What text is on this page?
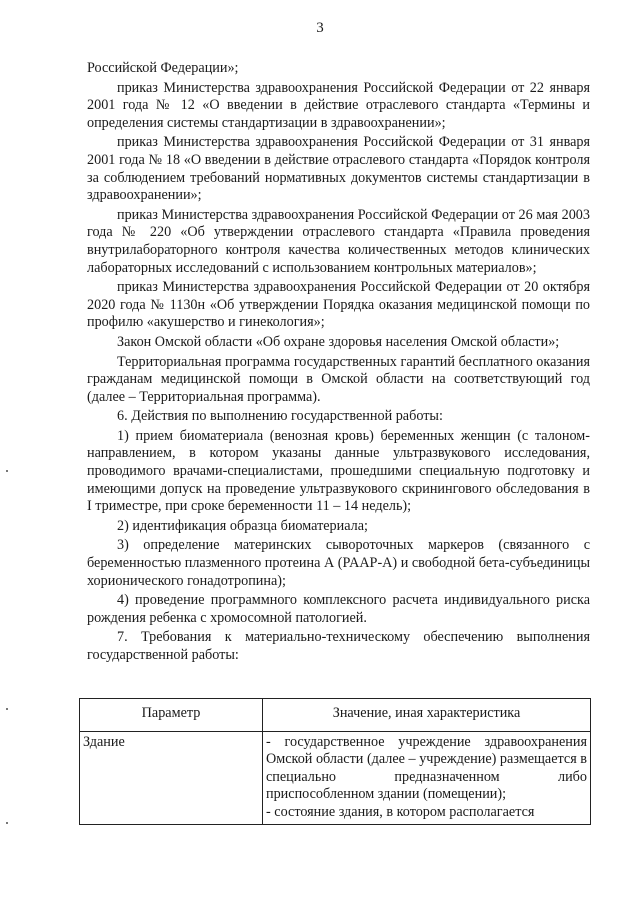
3

Российской Федерации»;

приказ Министерства здравоохранения Российской Федерации от 22 января 2001 года № 12 «О введении в действие отраслевого стандарта «Термины и определения системы стандартизации в здравоохранении»;

приказ Министерства здравоохранения Российской Федерации от 31 января 2001 года № 18 «О введении в действие отраслевого стандарта «Порядок контроля за соблюдением требований нормативных документов системы стандартизации в здравоохранении»;

приказ Министерства здравоохранения Российской Федерации от 26 мая 2003 года № 220 «Об утверждении отраслевого стандарта «Правила проведения внутрилабораторного контроля качества количественных методов клинических лабораторных исследований с использованием контрольных материалов»;

приказ Министерства здравоохранения Российской Федерации от 20 октября 2020 года № 1130н «Об утверждении Порядка оказания медицинской помощи по профилю «акушерство и гинекология»;

Закон Омской области «Об охране здоровья населения Омской области»;

Территориальная программа государственных гарантий бесплатного оказания гражданам медицинской помощи в Омской области на соответствующий год (далее – Территориальная программа).

6. Действия по выполнению государственной работы:

1) прием биоматериала (венозная кровь) беременных женщин (с талоном-направлением, в котором указаны данные ультразвукового исследования, проводимого врачами-специалистами, прошедшими специальную подготовку и имеющими допуск на проведение ультразвукового скринингового обследования в I триместре, при сроке беременности 11 – 14 недель);

2) идентификация образца биоматериала;

3) определение материнских сывороточных маркеров (связанного с беременностью плазменного протеина А (PAAP-A) и свободной бета-субъединицы хорионического гонадотропина);

4) проведение программного комплексного расчета индивидуального риска рождения ребенка с хромосомной патологией.

7. Требования к материально-техническому обеспечению выполнения государственной работы:

Параметр	Значение, иная характеристика
Здание	- государственное учреждение здравоохранения Омской области (далее – учреждение) размещается в специально предназначенном либо приспособленном здании (помещении);
- состояние здания, в котором располагается
